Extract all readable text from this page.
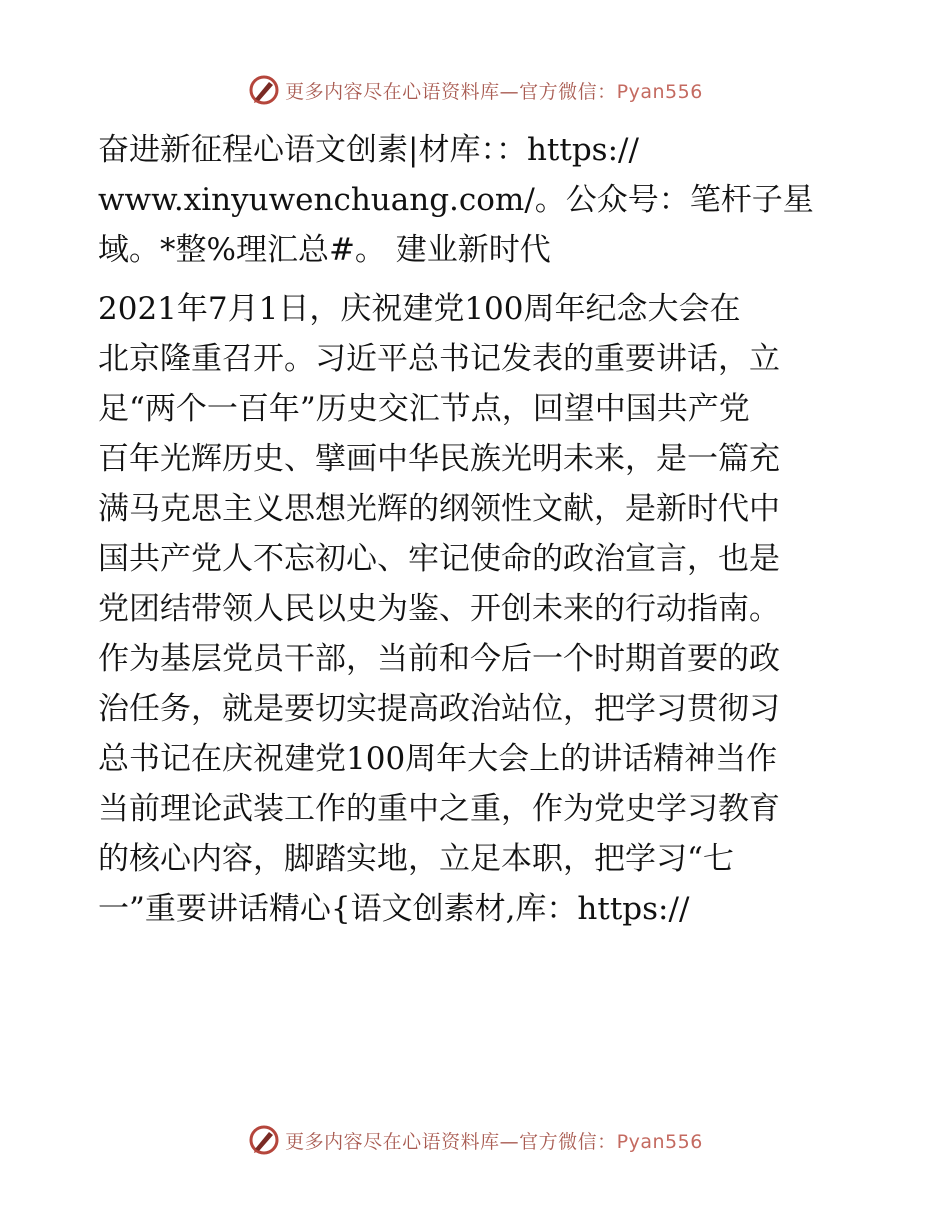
更多内容尽在心语资料库—官方微信：Pyan556

奋进新征程心语文创素|材库：：https://
www.xinyuwenchuang.com/。公众号：笔杆子星
域。*整%理汇总#。 建业新时代

2021年7月1日，庆祝建党100周年纪念大会在
北京隆重召开。习近平总书记发表的重要讲话，立
足“两个一百年”历史交汇节点，回望中国共产党
百年光辉历史、擘画中华民族光明未来，是一篇充
满马克思主义思想光辉的纲领性文献，是新时代中
国共产党人不忘初心、牢记使命的政治宣言，也是
党团结带领人民以史为鉴、开创未来的行动指南。
作为基层党员干部，当前和今后一个时期首要的政
治任务，就是要切实提高政治站位，把学习贯彻习
总书记在庆祝建党100周年大会上的讲话精神当作
当前理论武装工作的重中之重，作为党史学习教育
的核心内容，脚踏实地，立足本职，把学习“七
一”重要讲话精心{语文创素材,库：https://

更多内容尽在心语资料库—官方微信：Pyan556
